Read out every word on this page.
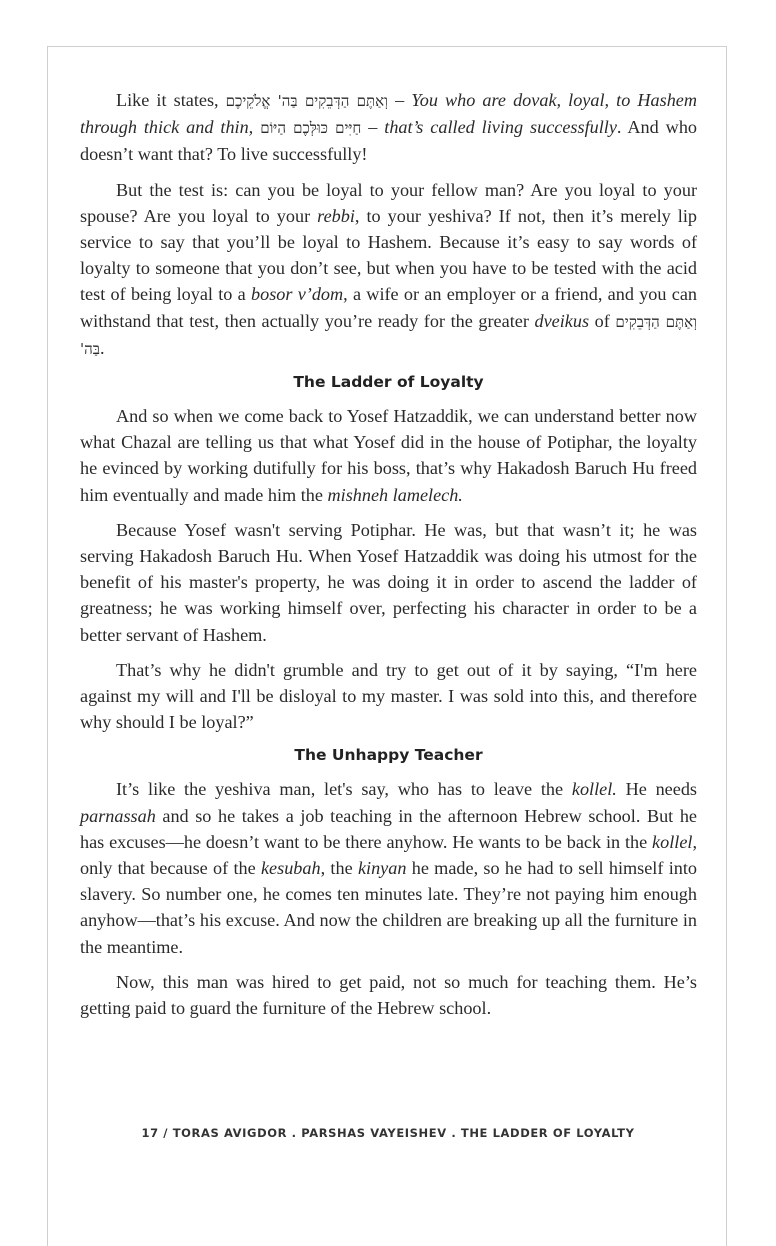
Like it states, וְאַתֶּם הַדְּבֵקִים בַּה' אֱלֹקֵיכֶם – You who are dovak, loyal, to Hashem through thick and thin, חַיִּים כּוּלְּכֶם הַיּוֹם – that’s called living successfully. And who doesn’t want that? To live successfully!

But the test is: can you be loyal to your fellow man? Are you loyal to your spouse? Are you loyal to your rebbi, to your yeshiva? If not, then it’s merely lip service to say that you’ll be loyal to Hashem. Because it’s easy to say words of loyalty to someone that you don’t see, but when you have to be tested with the acid test of being loyal to a bosor v’dom, a wife or an employer or a friend, and you can withstand that test, then actually you’re ready for the greater dveikus of וְאַתֶּם הַדְּבֵקִים בַּה'.

The Ladder of Loyalty

And so when we come back to Yosef Hatzaddik, we can understand better now what Chazal are telling us that what Yosef did in the house of Potiphar, the loyalty he evinced by working dutifully for his boss, that’s why Hakadosh Baruch Hu freed him eventually and made him the mishneh lamelech.

Because Yosef wasn't serving Potiphar. He was, but that wasn’t it; he was serving Hakadosh Baruch Hu. When Yosef Hatzaddik was doing his utmost for the benefit of his master's property, he was doing it in order to ascend the ladder of greatness; he was working himself over, perfecting his character in order to be a better servant of Hashem.

That’s why he didn't grumble and try to get out of it by saying, “I'm here against my will and I'll be disloyal to my master. I was sold into this, and therefore why should I be loyal?”

The Unhappy Teacher

It’s like the yeshiva man, let's say, who has to leave the kollel. He needs parnassah and so he takes a job teaching in the afternoon Hebrew school. But he has excuses—he doesn’t want to be there anyhow. He wants to be back in the kollel, only that because of the kesubah, the kinyan he made, so he had to sell himself into slavery. So number one, he comes ten minutes late. They’re not paying him enough anyhow—that’s his excuse. And now the children are breaking up all the furniture in the meantime.

Now, this man was hired to get paid, not so much for teaching them. He’s getting paid to guard the furniture of the Hebrew school.

17 / TORAS AVIGDOR . PARSHAS VAYEISHEV . THE LADDER OF LOYALTY
